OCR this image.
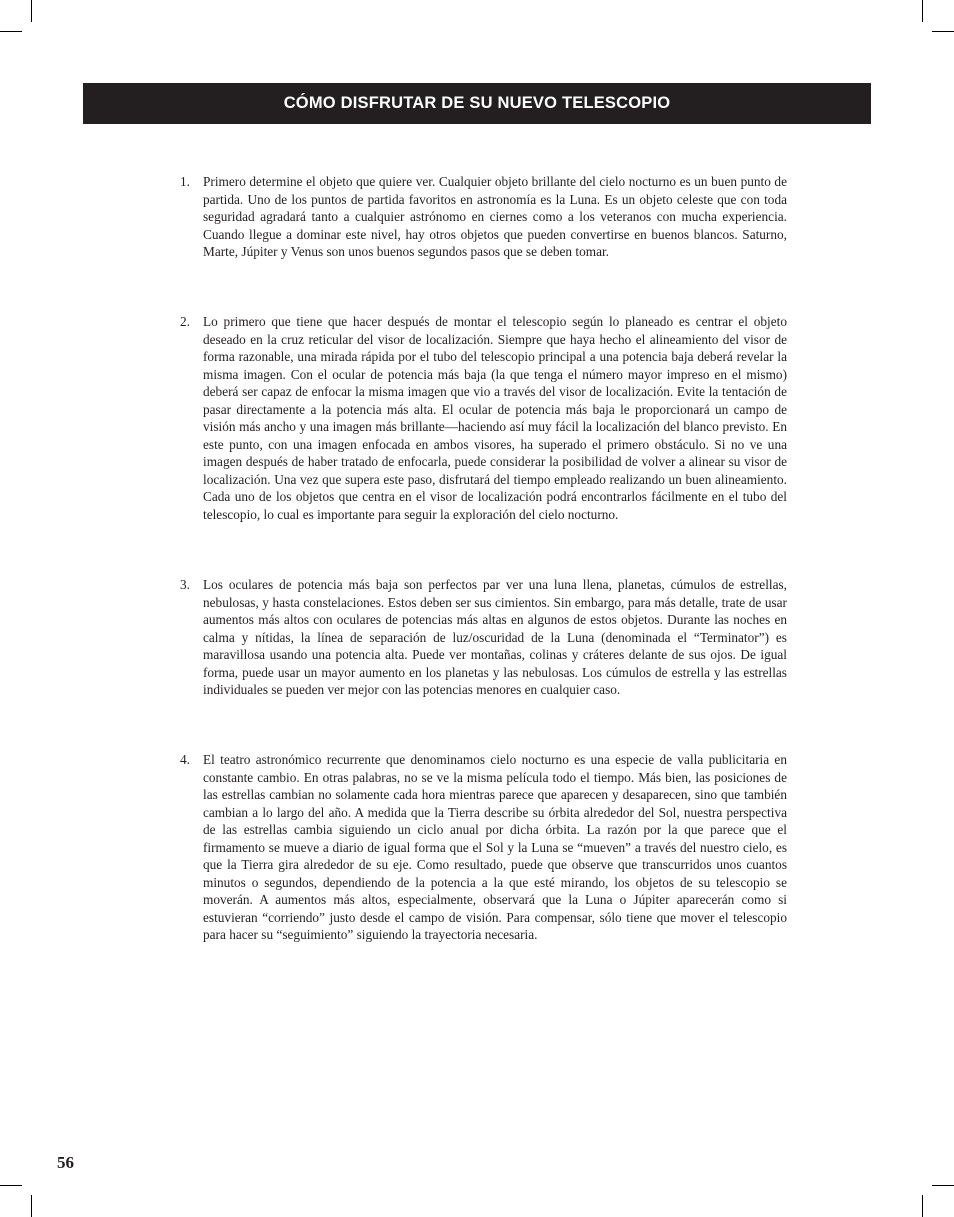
CÓMO DISFRUTAR DE SU NUEVO TELESCOPIO
1. Primero determine el objeto que quiere ver. Cualquier objeto brillante del cielo nocturno es un buen punto de partida. Uno de los puntos de partida favoritos en astronomía es la Luna. Es un objeto celeste que con toda seguridad agradará tanto a cualquier astrónomo en ciernes como a los veteranos con mucha experiencia. Cuando llegue a dominar este nivel, hay otros objetos que pueden convertirse en buenos blancos. Saturno, Marte, Júpiter y Venus son unos buenos segundos pasos que se deben tomar.
2. Lo primero que tiene que hacer después de montar el telescopio según lo planeado es centrar el objeto deseado en la cruz reticular del visor de localización. Siempre que haya hecho el alineamiento del visor de forma razonable, una mirada rápida por el tubo del telescopio principal a una potencia baja deberá revelar la misma imagen. Con el ocular de potencia más baja (la que tenga el número mayor impreso en el mismo) deberá ser capaz de enfocar la misma imagen que vio a través del visor de localización. Evite la tentación de pasar directamente a la potencia más alta. El ocular de potencia más baja le proporcionará un campo de visión más ancho y una imagen más brillante—haciendo así muy fácil la localización del blanco previsto. En este punto, con una imagen enfocada en ambos visores, ha superado el primero obstáculo. Si no ve una imagen después de haber tratado de enfocarla, puede considerar la posibilidad de volver a alinear su visor de localización. Una vez que supera este paso, disfrutará del tiempo empleado realizando un buen alineamiento. Cada uno de los objetos que centra en el visor de localización podrá encontrarlos fácilmente en el tubo del telescopio, lo cual es importante para seguir la exploración del cielo nocturno.
3. Los oculares de potencia más baja son perfectos par ver una luna llena, planetas, cúmulos de estrellas, nebulosas, y hasta constelaciones. Estos deben ser sus cimientos. Sin embargo, para más detalle, trate de usar aumentos más altos con oculares de potencias más altas en algunos de estos objetos. Durante las noches en calma y nítidas, la línea de separación de luz/oscuridad de la Luna (denominada el “Terminator”) es maravillosa usando una potencia alta. Puede ver montañas, colinas y cráteres delante de sus ojos. De igual forma, puede usar un mayor aumento en los planetas y las nebulosas. Los cúmulos de estrella y las estrellas individuales se pueden ver mejor con las potencias menores en cualquier caso.
4. El teatro astronómico recurrente que denominamos cielo nocturno es una especie de valla publicitaria en constante cambio. En otras palabras, no se ve la misma película todo el tiempo. Más bien, las posiciones de las estrellas cambian no solamente cada hora mientras parece que aparecen y desaparecen, sino que también cambian a lo largo del año. A medida que la Tierra describe su órbita alrededor del Sol, nuestra perspectiva de las estrellas cambia siguiendo un ciclo anual por dicha órbita. La razón por la que parece que el firmamento se mueve a diario de igual forma que el Sol y la Luna se “mueven” a través del nuestro cielo, es que la Tierra gira alrededor de su eje. Como resultado, puede que observe que transcurridos unos cuantos minutos o segundos, dependiendo de la potencia a la que esté mirando, los objetos de su telescopio se moverán. A aumentos más altos, especialmente, observará que la Luna o Júpiter aparecerán como si estuvieran “corriendo” justo desde el campo de visión. Para compensar, sólo tiene que mover el telescopio para hacer su “seguimiento” siguiendo la trayectoria necesaria.
56
